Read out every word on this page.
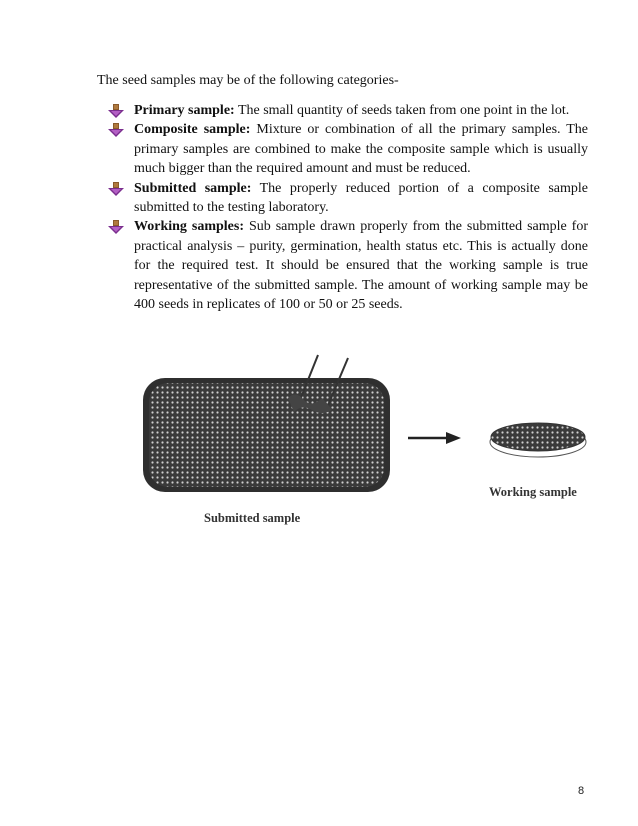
The seed samples may be of the following categories-

Primary sample: The small quantity of seeds taken from one point in the lot.
Composite sample: Mixture or combination of all the primary samples. The primary samples are combined to make the composite sample which is usually much bigger than the required amount and must be reduced.
Submitted sample: The properly reduced portion of a composite sample submitted to the testing laboratory.
Working samples: Sub sample drawn properly from the submitted sample for practical analysis – purity, germination, health status etc. This is actually done for the required test. It should be ensured that the working sample is true representative of the submitted sample. The amount of working sample may be 400 seeds in replicates of 100 or 50 or 25 seeds.
Submitted sample
Working sample
8
